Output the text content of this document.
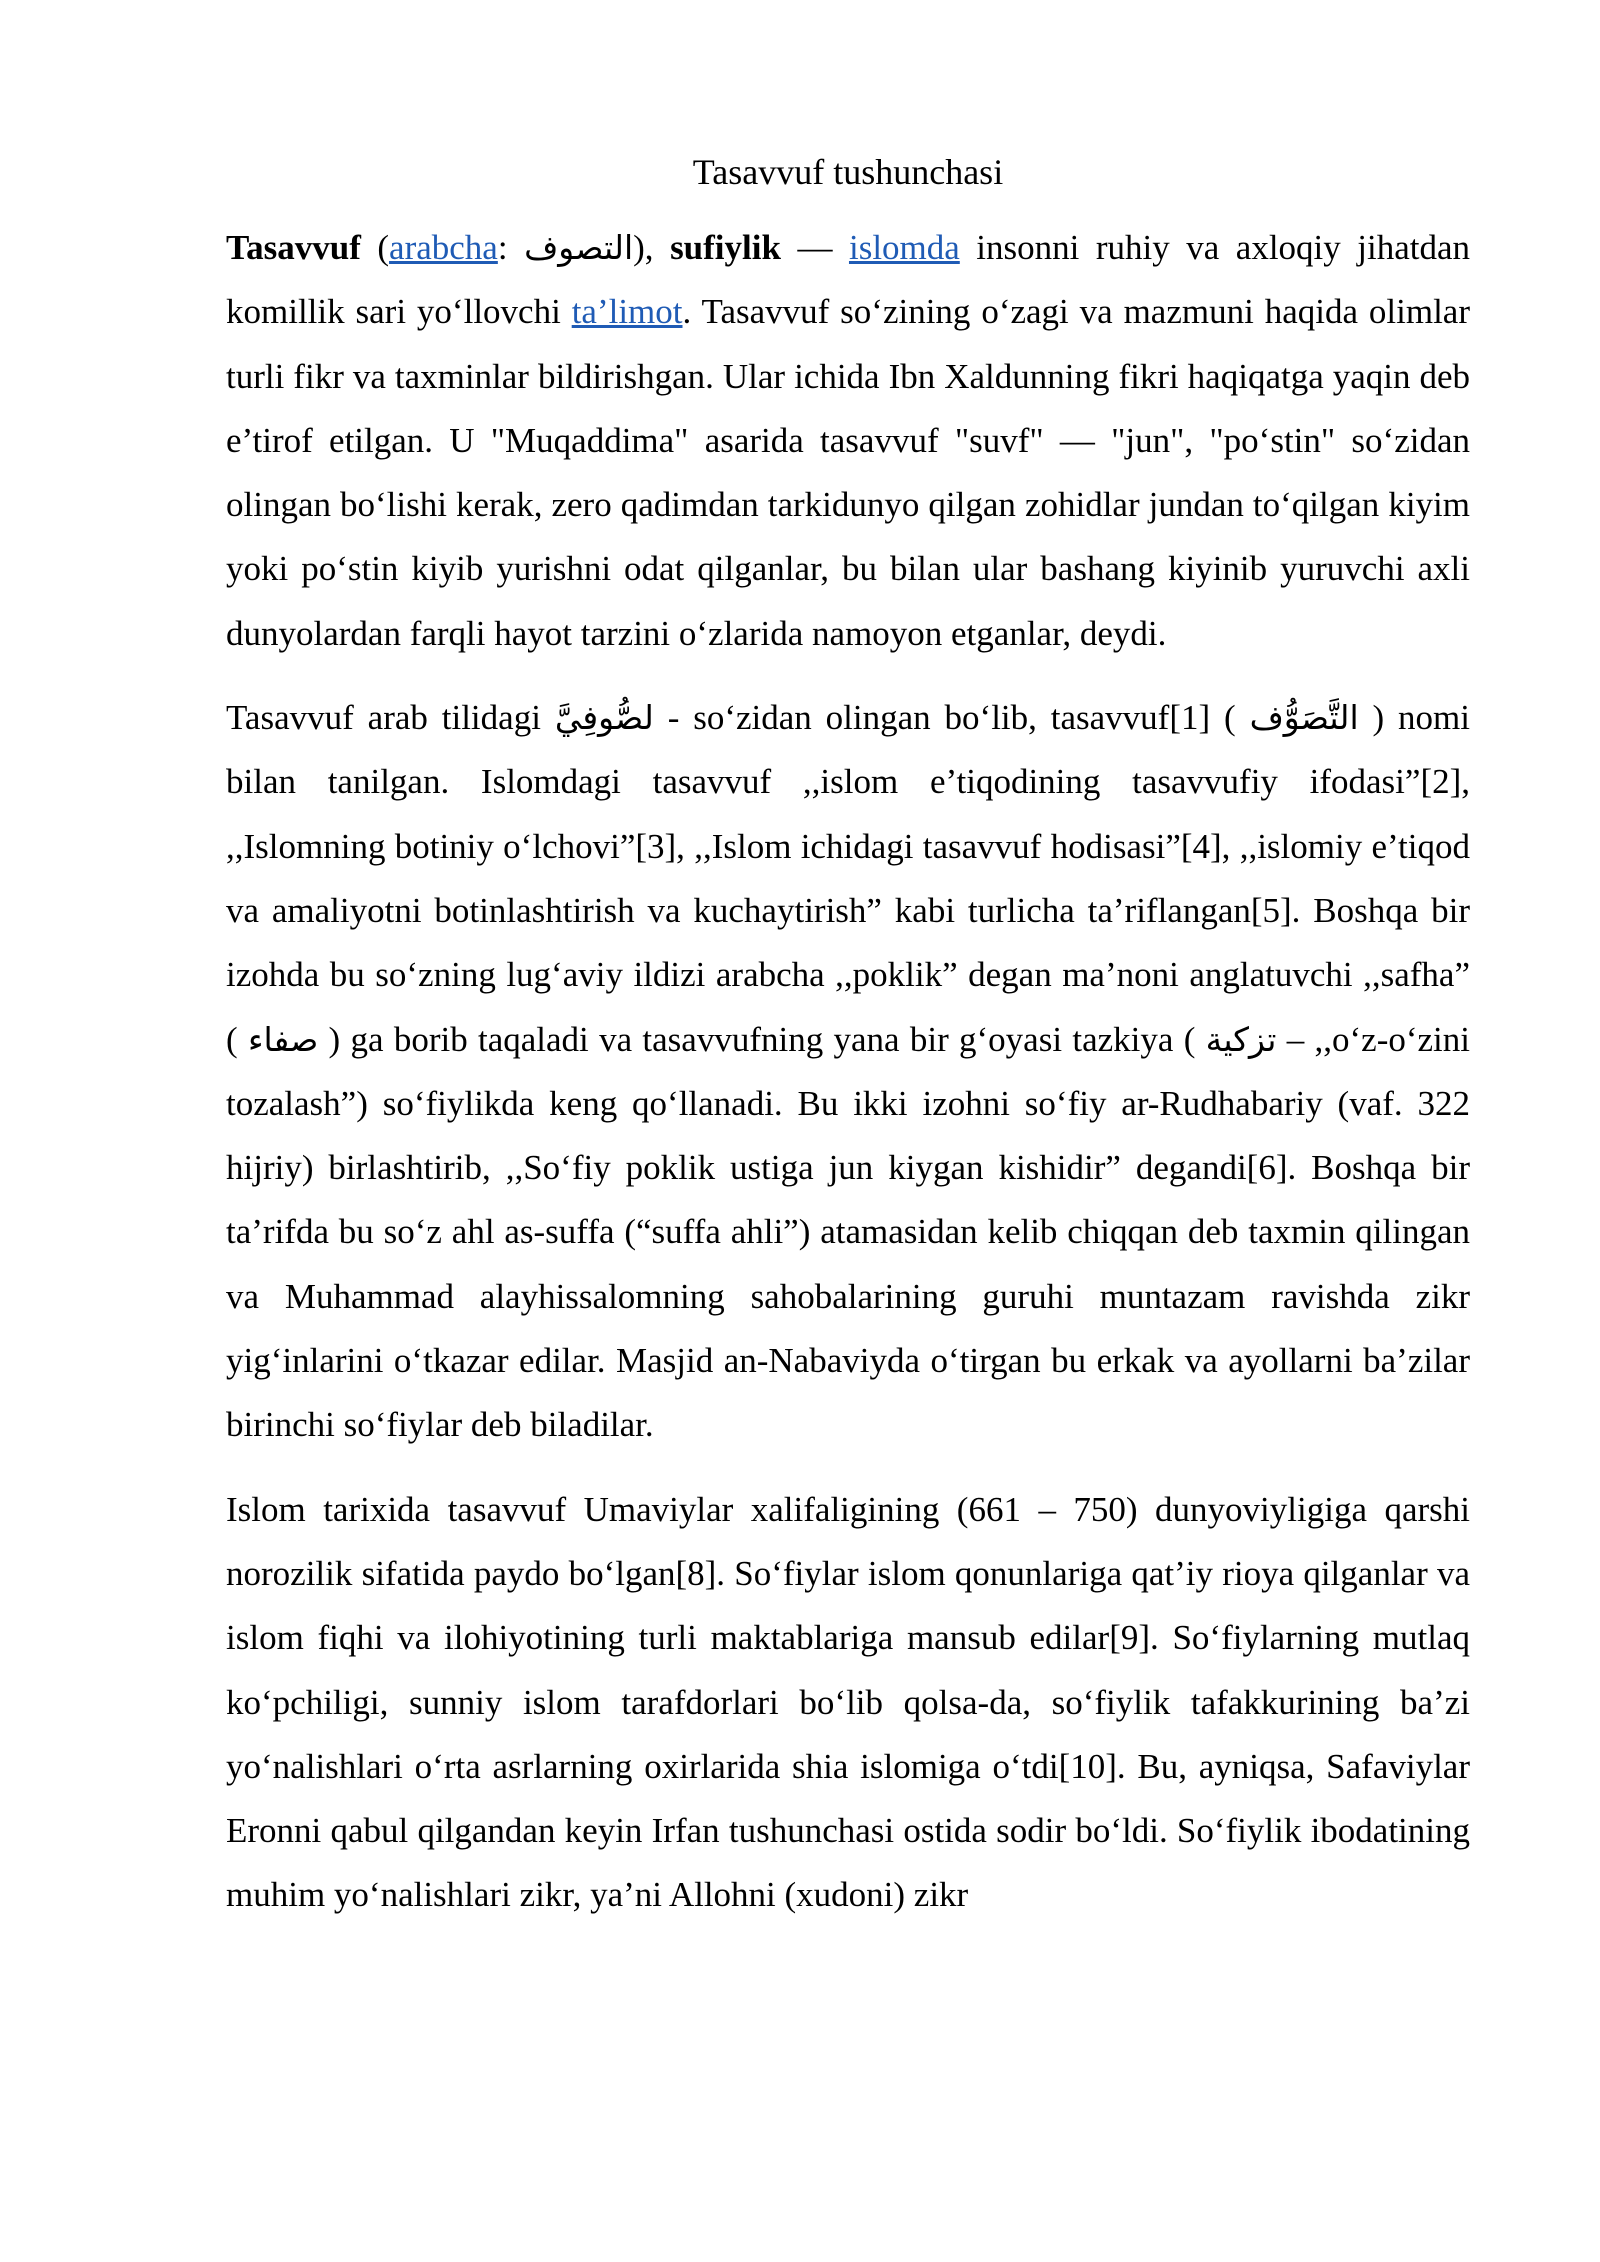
Tasavvuf tushunchasi

Tasavvuf (arabcha: التصوف), sufiylik — islomda insonni ruhiy va axloqiy jihatdan komillik sari yo‘llovchi ta’limot. Tasavvuf so‘zining o‘zagi va mazmuni haqida olimlar turli fikr va taxminlar bildirishgan. Ular ichida Ibn Xaldunning fikri haqiqatga yaqin deb e’tirof etilgan. U "Muqaddima" asarida tasavvuf "suvf" — "jun", "po‘stin" so‘zidan olingan bo‘lishi kerak, zero qadimdan tarkidunyo qilgan zohidlar jundan to‘qilgan kiyim yoki po‘stin kiyib yurishni odat qilganlar, bu bilan ular bashang kiyinib yuruvchi axli dunyolardan farqli hayot tarzini o‘zlarida namoyon etganlar, deydi.

Tasavvuf arab tilidagi لصُّوفِيَّ - so‘zidan olingan bo‘lib, tasavvuf[1] ( التَّصَوُّف ) nomi bilan tanilgan. Islomdagi tasavvuf ,,islom e’tiqodining tasavvufiy ifodasi”[2], ,,Islomning botiniy o‘lchovi”[3], ,,Islom ichidagi tasavvuf hodisasi”[4], ,,islomiy e’tiqod va amaliyotni botinlashtirish va kuchaytirish” kabi turlicha ta’riflangan[5]. Boshqa bir izohda bu so‘zning lug‘aviy ildizi arabcha ,,poklik” degan ma’noni anglatuvchi ,,safha” ( صفاء ) ga borib taqaladi va tasavvufning yana bir g‘oyasi tazkiya ( تزكية – ,,o‘z-o‘zini tozalash”) so‘fiylikda keng qo‘llanadi. Bu ikki izohni so‘fiy ar-Rudhabariy (vaf. 322 hijriy) birlashtirib, ,,So‘fiy poklik ustiga jun kiygan kishidir” degandi[6]. Boshqa bir ta’rifda bu so‘z ahl as-suffa (“suffa ahli”) atamasidan kelib chiqqan deb taxmin qilingan va Muhammad alayhissalomning sahobalarining guruhi muntazam ravishda zikr yig‘inlarini o‘tkazar edilar. Masjid an-Nabaviyda o‘tirgan bu erkak va ayollarni ba’zilar birinchi so‘fiylar deb biladilar.

Islom tarixida tasavvuf Umaviylar xalifaligining (661 – 750) dunyoviyligiga qarshi norozilik sifatida paydo bo‘lgan[8]. So‘fiylar islom qonunlariga qat’iy rioya qilganlar va islom fiqhi va ilohiyotining turli maktablariga mansub edilar[9]. So‘fiylarning mutlaq ko‘pchiligi, sunniy islom tarafdorlari bo‘lib qolsa-da, so‘fiylik tafakkurining ba’zi yo‘nalishlari o‘rta asrlarning oxirlarida shia islomiga o‘tdi[10]. Bu, ayniqsa, Safaviylar Eronni qabul qilgandan keyin Irfan tushunchasi ostida sodir bo‘ldi. So‘fiylik ibodatining muhim yo‘nalishlari zikr, ya’ni Allohni (xudoni) zikr
